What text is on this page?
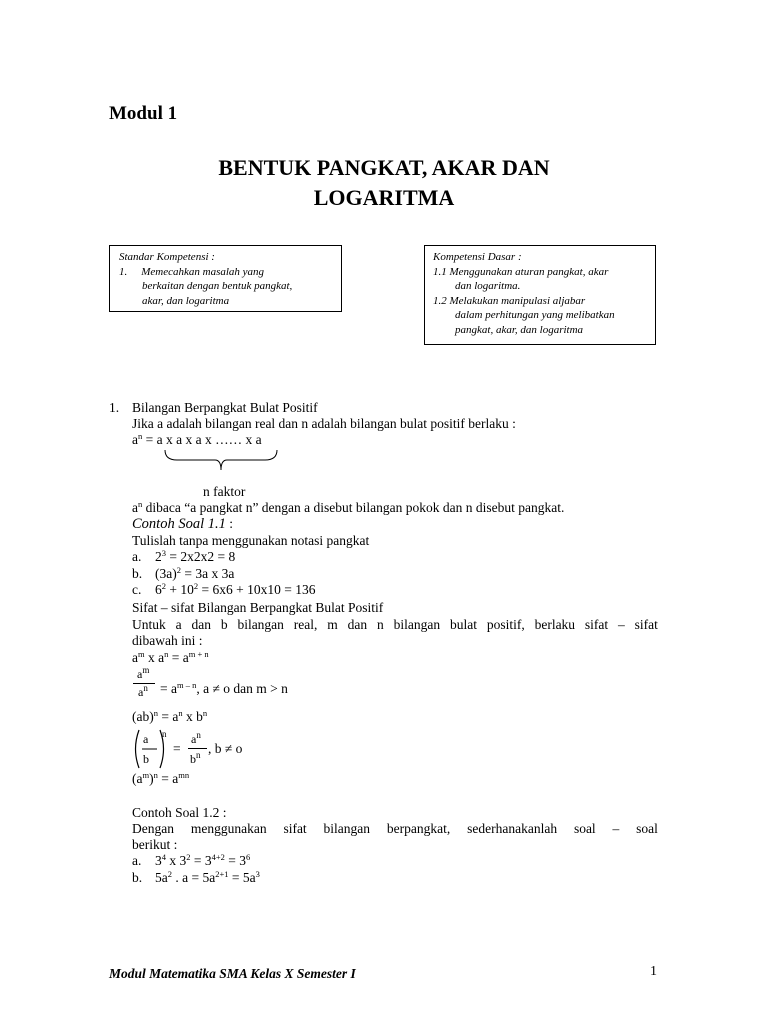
Modul 1
BENTUK PANGKAT, AKAR DAN
LOGARITMA
Standar Kompetensi :
1. Memecahkan masalah yang
berkaitan dengan bentuk pangkat,
akar, dan logaritma
Kompetensi Dasar :
1.1 Menggunakan aturan pangkat, akar
dan logaritma.
1.2 Melakukan manipulasi aljabar
dalam perhitungan yang melibatkan
pangkat, akar, dan logaritma
1. Bilangan Berpangkat Bulat Positif
Jika a adalah bilangan real dan n adalah bilangan bulat positif berlaku :
$a^n = a$ x a x a x …… x a
n faktor
$a^n$ dibaca “a pangkat n” dengan a disebut bilangan pokok dan n disebut pangkat.
Contoh Soal 1.1 :
Tulislah tanpa menggunakan notasi pangkat
a. $2^3 = 2x2x2 = 8$
b. $(3a)^2 = 3a$ x 3a
c. $6^2 + 10^2 = 6x6 + 10x10 = 136$
Sifat – sifat Bilangan Berpangkat Bulat Positif
Untuk a dan b bilangan real, m dan n bilangan bulat positif, berlaku sifat – sifat
dibawah ini :
$a^m$ x $a^n = a^{m + n}$
$a^m$
$a^n = a^{m - n}$, a ≠ o dan m > n
$(ab)^n = a^n$ x $b^n$
a
b
n
=
$a^n$
$b^n$ , b ≠ o
$(a^m)^n = a^{mn}$
Contoh Soal 1.2 :
Dengan menggunakan sifat bilangan berpangkat, sederhanakanlah soal – soal
berikut :
a. $3^4$ x $3^2 = 3^{4+2} = 3^6$
b. $5a^2$ . $a = 5a^{2+1} = 5a^3$
Modul Matematika SMA Kelas X Semester I	1
